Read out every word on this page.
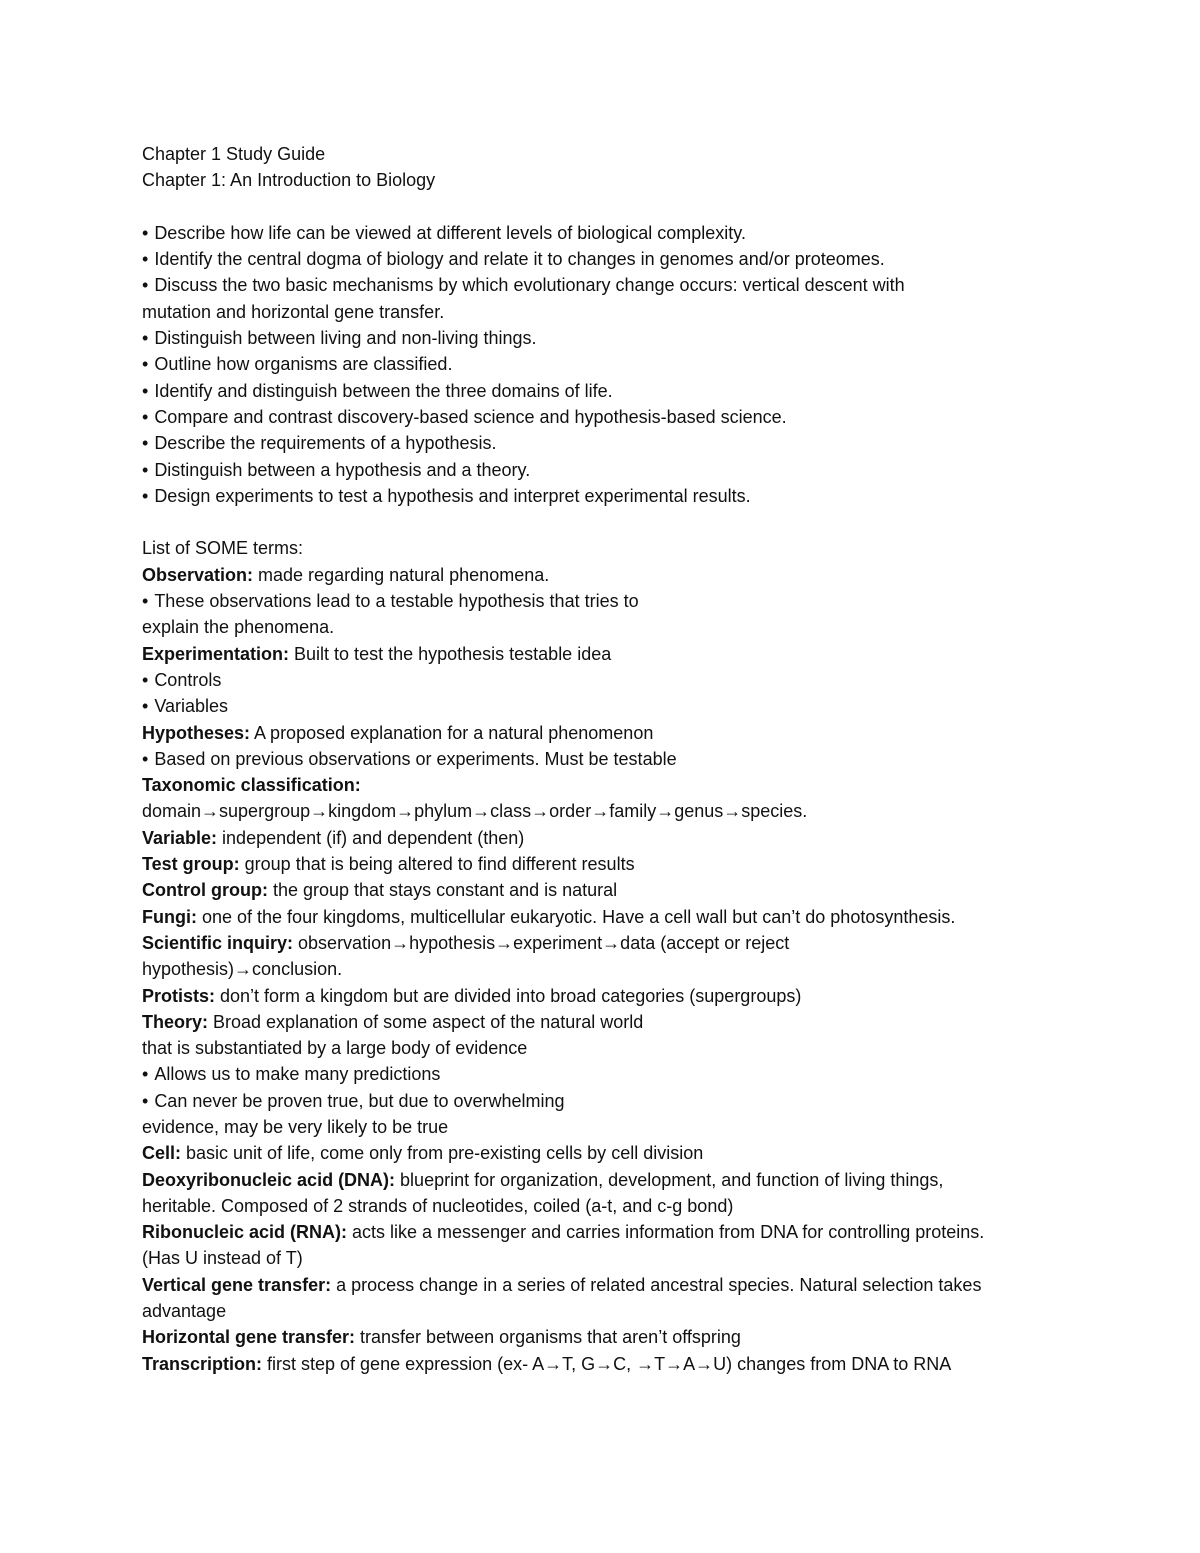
Chapter 1 Study Guide
Chapter 1: An Introduction to Biology
• Describe how life can be viewed at different levels of biological complexity.
• Identify the central dogma of biology and relate it to changes in genomes and/or proteomes.
• Discuss the two basic mechanisms by which evolutionary change occurs: vertical descent with
mutation and horizontal gene transfer.
• Distinguish between living and non-living things.
• Outline how organisms are classified.
• Identify and distinguish between the three domains of life.
• Compare and contrast discovery-based science and hypothesis-based science.
• Describe the requirements of a hypothesis.
• Distinguish between a hypothesis and a theory.
• Design experiments to test a hypothesis and interpret experimental results.
List of SOME terms:
Observation: made regarding natural phenomena.
• These observations lead to a testable hypothesis that tries to
explain the phenomena.
Experimentation: Built to test the hypothesis testable idea
• Controls
• Variables
Hypotheses: A proposed explanation for a natural phenomenon
• Based on previous observations or experiments. Must be testable
Taxonomic classification:
domain→supergroup→kingdom→phylum→class→order→family→genus→species.
Variable: independent (if) and dependent (then)
Test group: group that is being altered to find different results
Control group: the group that stays constant and is natural
Fungi: one of the four kingdoms, multicellular eukaryotic. Have a cell wall but can’t do photosynthesis.
Scientific inquiry: observation→hypothesis→experiment→data (accept or reject
hypothesis)→conclusion.
Protists: don’t form a kingdom but are divided into broad categories (supergroups)
Theory: Broad explanation of some aspect of the natural world
that is substantiated by a large body of evidence
• Allows us to make many predictions
• Can never be proven true, but due to overwhelming
evidence, may be very likely to be true
Cell: basic unit of life, come only from pre-existing cells by cell division
Deoxyribonucleic acid (DNA): blueprint for organization, development, and function of living things,
heritable. Composed of 2 strands of nucleotides, coiled (a-t, and c-g bond)
Ribonucleic acid (RNA): acts like a messenger and carries information from DNA for controlling proteins.
(Has U instead of T)
Vertical gene transfer: a process change in a series of related ancestral species. Natural selection takes
advantage
Horizontal gene transfer: transfer between organisms that aren’t offspring
Transcription: first step of gene expression (ex- A→T, G→C, →T→A→U) changes from DNA to RNA
